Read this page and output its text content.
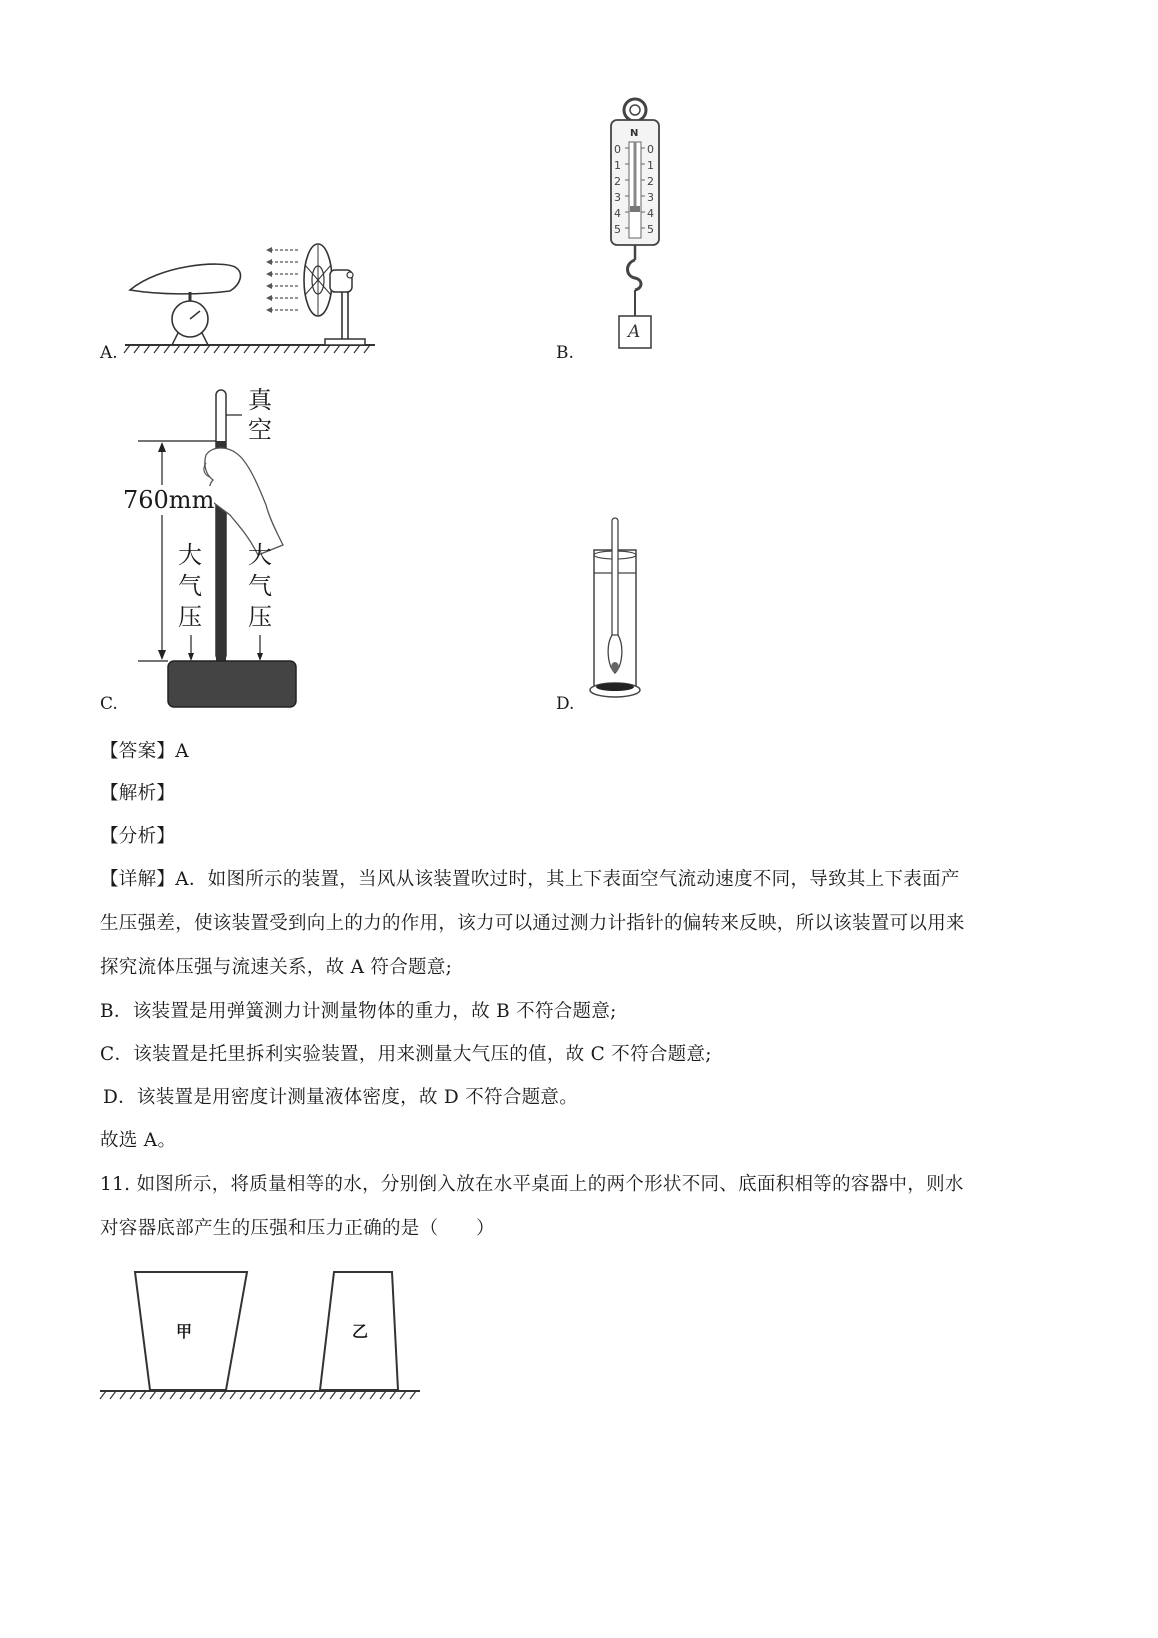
A.
N
0
1
2
3
4
5
0
1
2
3
4
5
A
B.
真
空
760mm
大
气
压
大
气
压
C.	D.
【答案】A
【解析】
【分析】
【详解】A．如图所示的装置，当风从该装置吹过时，其上下表面空气流动速度不同，导致其上下表面产
生压强差，使该装置受到向上的力的作用，该力可以通过测力计指针的偏转来反映，所以该装置可以用来
探究流体压强与流速关系，故 A 符合题意;
B．该装置是用弹簧测力计测量物体的重力，故 B 不符合题意;
C．该装置是托里拆利实验装置，用来测量大气压的值，故 C 不符合题意;
D．该装置是用密度计测量液体密度，故 D 不符合题意。
故选 A。
11. 如图所示，将质量相等的水，分别倒入放在水平桌面上的两个形状不同、底面积相等的容器中，则水
对容器底部产生的压强和压力正确的是（　　）
甲	乙
